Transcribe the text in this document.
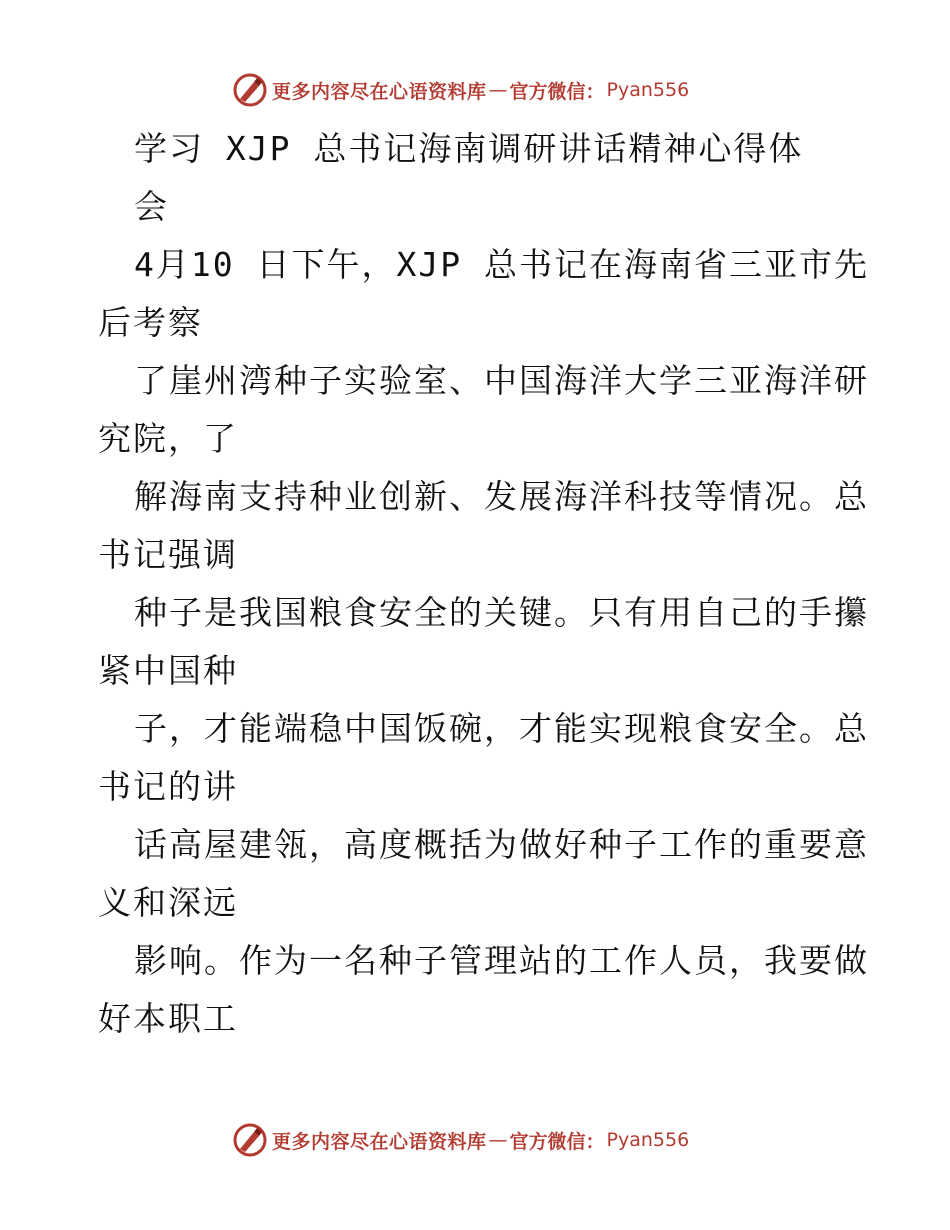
更多内容尽在心语资料库 — 官方微信： Pyan556
学习 XJP 总书记海南调研讲话精神心得体
会
4月10 日下午，XJP 总书记在海南省三亚市先
后考察
了崖州湾种子实验室、中国海洋大学三亚海洋研
究院，了
解海南支持种业创新、发展海洋科技等情况。总
书记强调
种子是我国粮食安全的关键。只有用自己的手攥
紧中国种
子，才能端稳中国饭碗，才能实现粮食安全。总
书记的讲
话高屋建瓴，高度概括为做好种子工作的重要意
义和深远
影响。作为一名种子管理站的工作人员，我要做
好本职工
更多内容尽在心语资料库 — 官方微信： Pyan556
